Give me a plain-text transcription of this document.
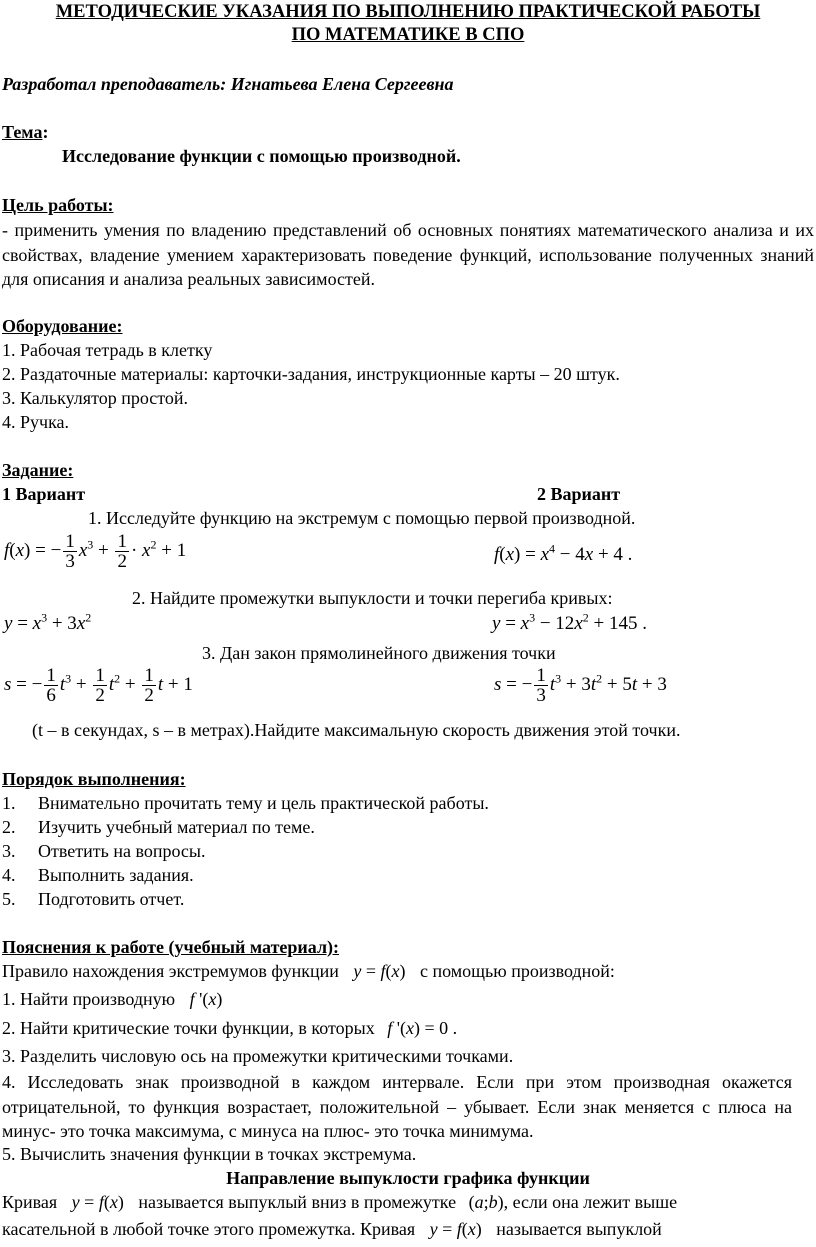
МЕТОДИЧЕСКИЕ УКАЗАНИЯ ПО ВЫПОЛНЕНИЮ ПРАКТИЧЕСКОЙ РАБОТЫ
ПО МАТЕМАТИКЕ В СПО
Разработал преподаватель: Игнатьева Елена Сергеевна
Тема:
Исследование функции с помощью производной.
Цель работы:
- применить умения по владению представлений об основных понятиях математического анализа и их свойствах, владение умением характеризовать поведение функций, использование полученных знаний для описания и анализа реальных зависимостей.
Оборудование:
1. Рабочая тетрадь в клетку
2. Раздаточные материалы: карточки-задания, инструкционные карты – 20 штук.
3. Калькулятор простой.
4. Ручка.
Задание:
1 Вариант	2 Вариант
1. Исследуйте функцию на экстремум с помощью первой производной.
f(x) = − $\frac{1}{3} x^3 + \frac{1}{2} \cdot x^2 + 1$	$f(x) = x^4 - 4x + 4$ .
2. Найдите промежутки выпуклости и точки перегиба кривых:
$y = x^3 + 3x^2$	$y = x^3 - 12x^2 + 145$ .
3. Дан закон прямолинейного движения точки
s = − $\frac{1}{6} t^3 + \frac{1}{2} t^2 + \frac{1}{2}$ t + 1	s = − $\frac{1}{3} t^3 + 3t^2 + 5t + 3$
(t – в секундах, s – в метрах).Найдите максимальную скорость движения этой точки.
Порядок выполнения:
1. Внимательно прочитать тему и цель практической работы.
2. Изучить учебный материал по теме.
3. Ответить на вопросы.
4. Выполнить задания.
5. Подготовить отчет.
Пояснения к работе (учебный материал):
Правило нахождения экстремумов функции y = f(x) с помощью производной:
1. Найти производную f '(x)
2. Найти критические точки функции, в которых f '(x) = 0 .
3. Разделить числовую ось на промежутки критическими точками.
4. Исследовать знак производной в каждом интервале. Если при этом производная окажется отрицательной, то функция возрастает, положительной – убывает. Если знак меняется с плюса на минус- это точка максимума, с минуса на плюс- это точка минимума.
5. Вычислить значения функции в точках экстремума.
Направление выпуклости графика функции
Кривая y = f(x) называется выпуклый вниз в промежутке (a;b), если она лежит выше
касательной в любой точке этого промежутка. Кривая y = f(x) называется выпуклой
